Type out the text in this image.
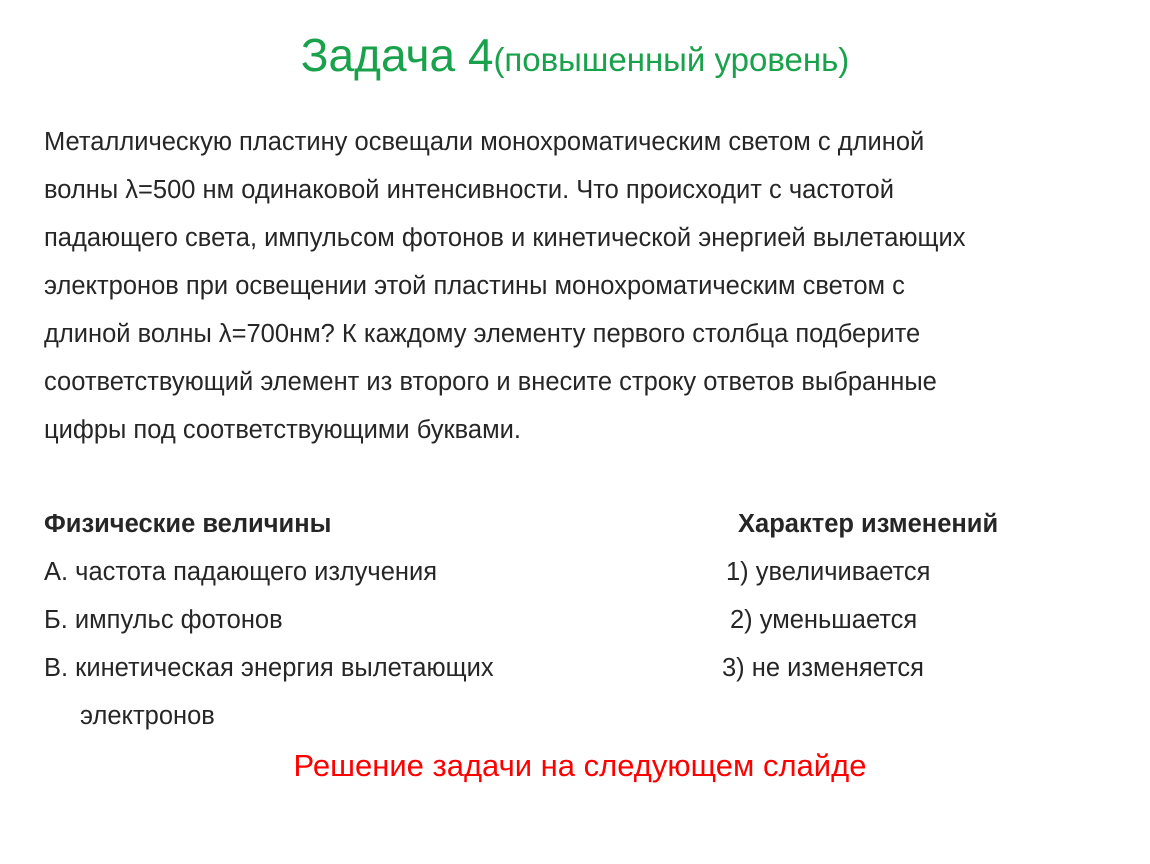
Задача 4(повышенный уровень)
Металлическую пластину освещали монохроматическим светом с длиной
волны λ=500 нм одинаковой интенсивности. Что происходит с частотой
падающего света, импульсом фотонов и кинетической энергией вылетающих
электронов при освещении этой пластины монохроматическим светом с
длиной волны λ=700нм? К каждому элементу первого столбца подберите
соответствующий элемент из второго и внесите строку ответов выбранные
цифры под соответствующими буквами.
Физические величины	Характер изменений
А. частота падающего излучения
Б. импульс фотонов
В. кинетическая энергия вылетающих
электронов
1) увеличивается
2) уменьшается
3) не изменяется
Решение задачи на следующем слайде
